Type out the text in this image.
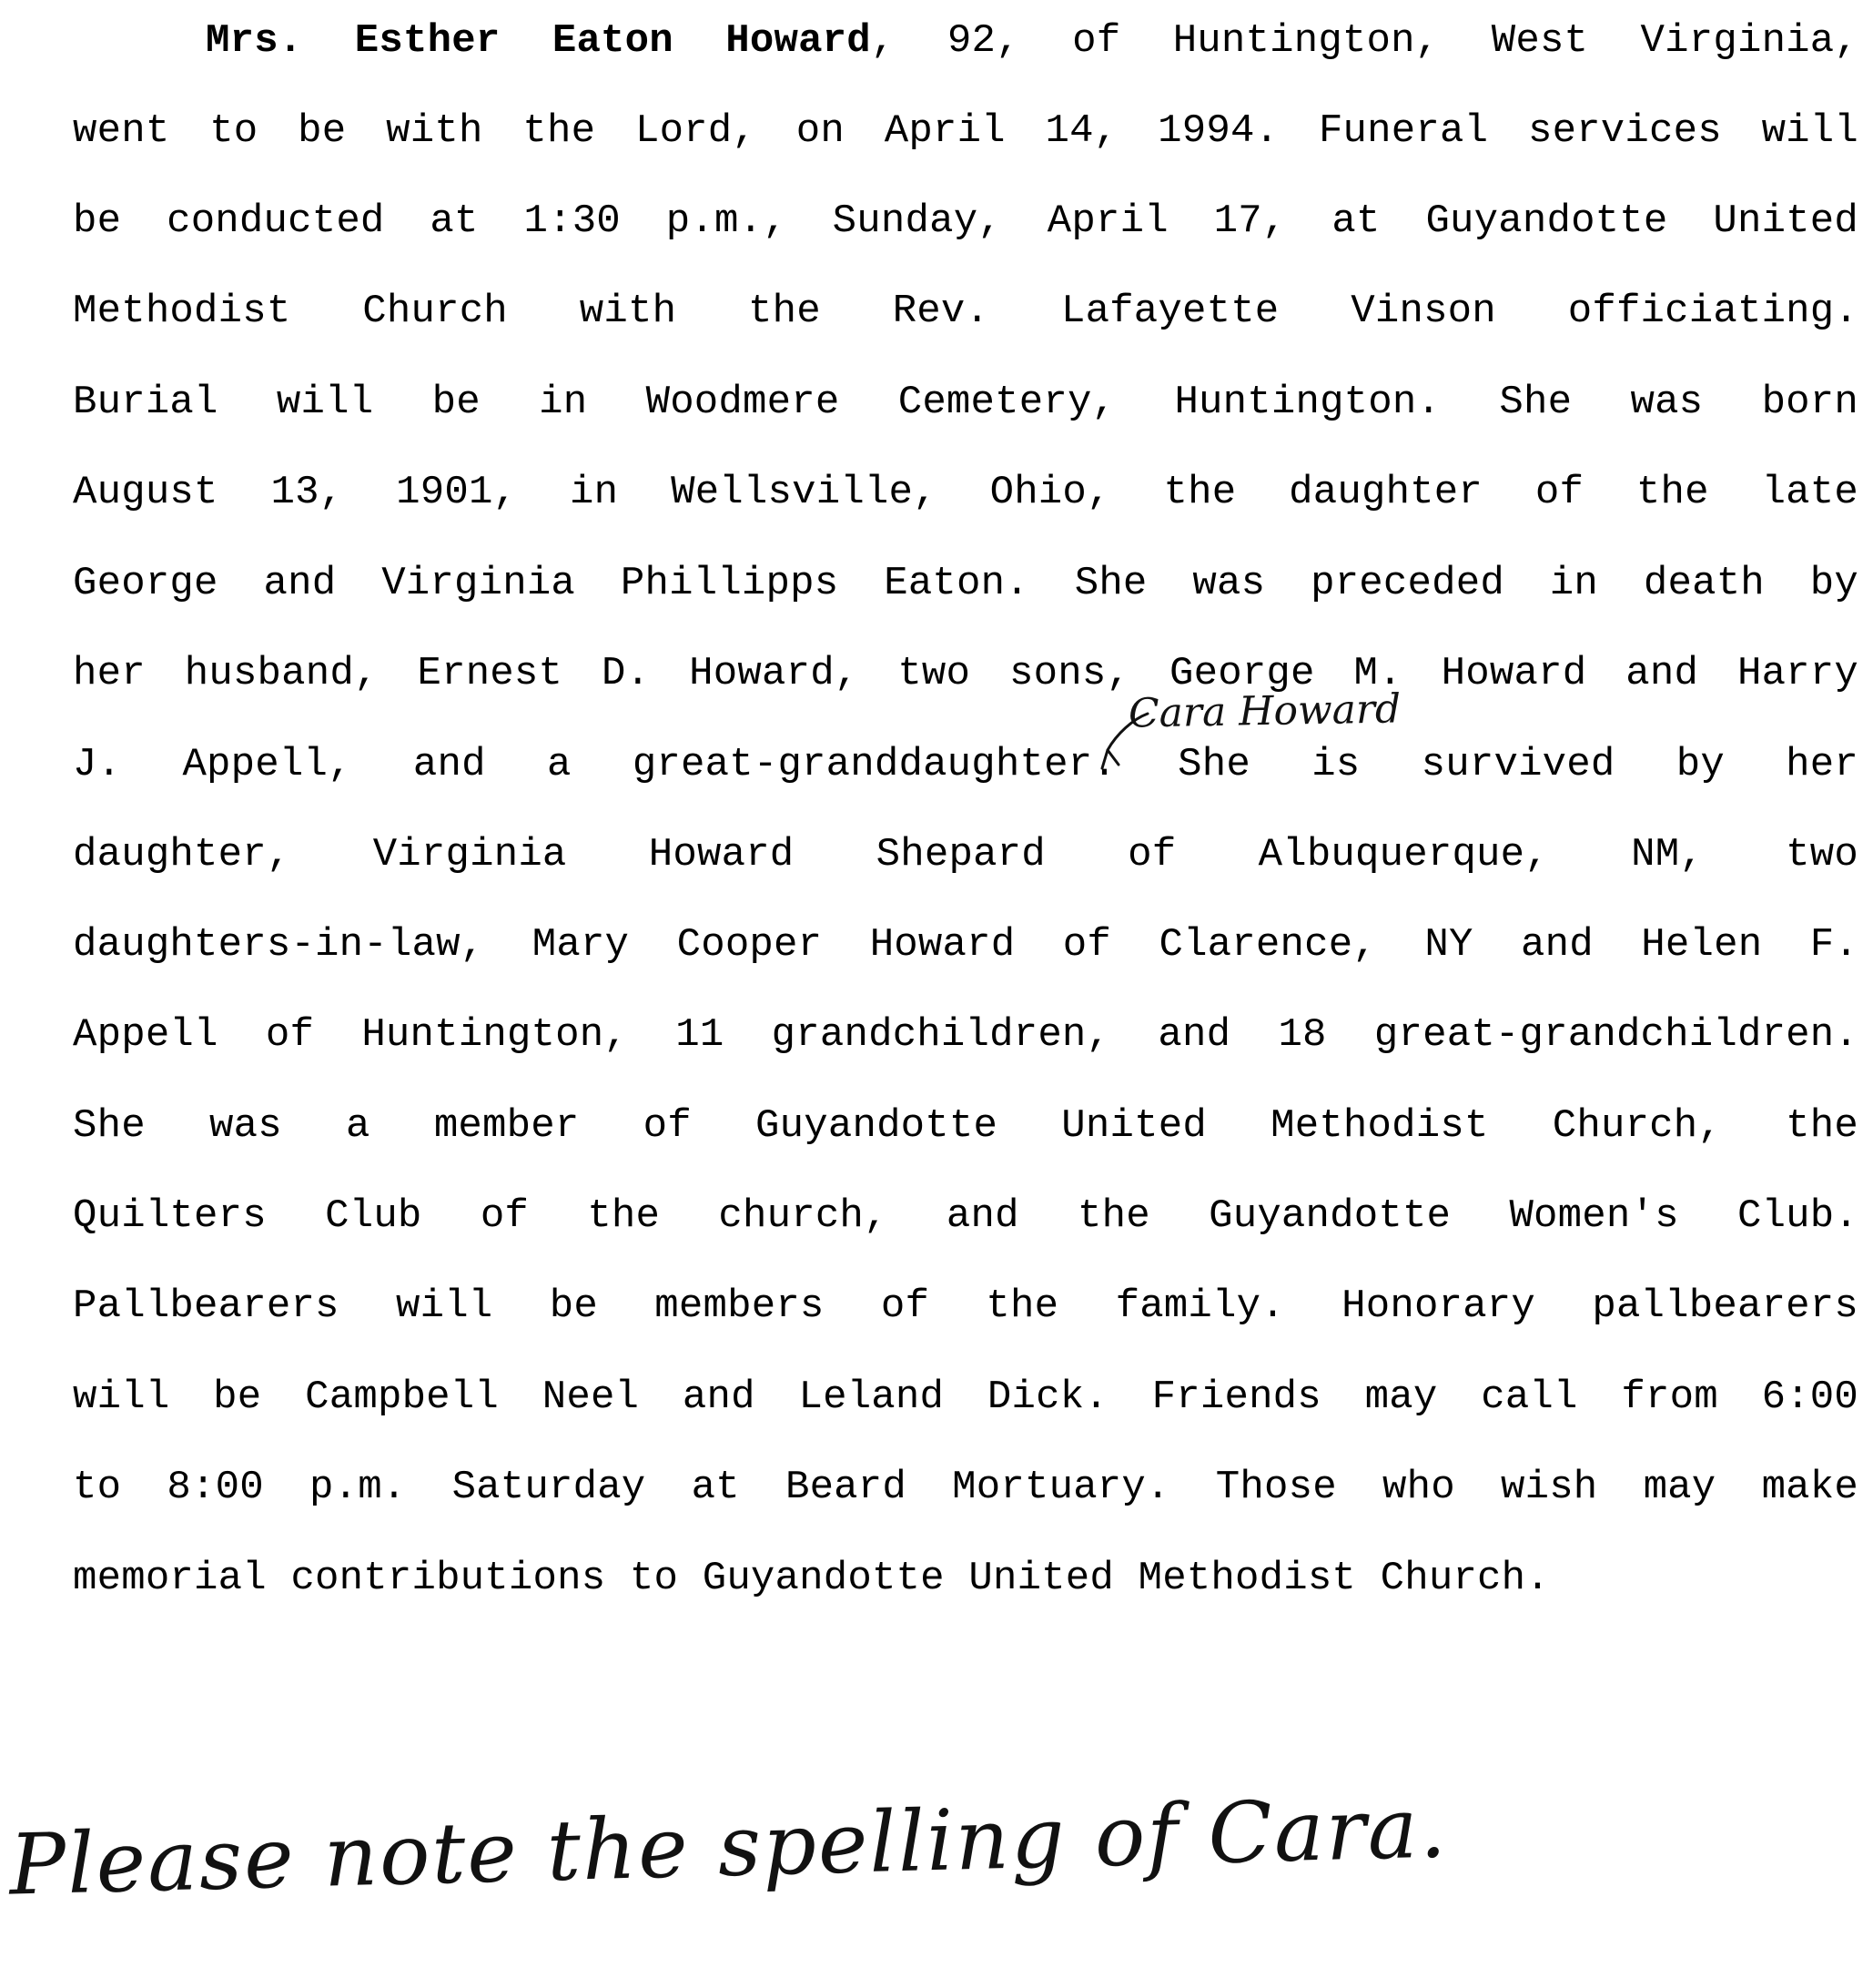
Mrs. Esther Eaton Howard, 92, of Huntington, West Virginia,
went to be with the Lord, on April 14, 1994. Funeral services will
be conducted at 1:30 p.m., Sunday, April 17, at Guyandotte United
Methodist Church with the Rev. Lafayette Vinson officiating.
Burial will be in Woodmere Cemetery, Huntington. She was born
August 13, 1901, in Wellsville, Ohio, the daughter of the late
George and Virginia Phillipps Eaton. She was preceded in death by
her husband, Ernest D. Howard, two sons, George M. Howard and Harry
J. Appell, and a great-granddaughter. She is survived by her
daughter, Virginia Howard Shepard of Albuquerque, NM, two
daughters-in-law, Mary Cooper Howard of Clarence, NY and Helen F.
Appell of Huntington, 11 grandchildren, and 18 great-grandchildren.
She was a member of Guyandotte United Methodist Church, the
Quilters Club of the church, and the Guyandotte Women's Club.
Pallbearers will be members of the family. Honorary pallbearers
will be Campbell Neel and Leland Dick. Friends may call from 6:00
to 8:00 p.m. Saturday at Beard Mortuary. Those who wish may make
memorial contributions to Guyandotte United Methodist Church.
Cara Howard
Please note the spelling of Cara.
